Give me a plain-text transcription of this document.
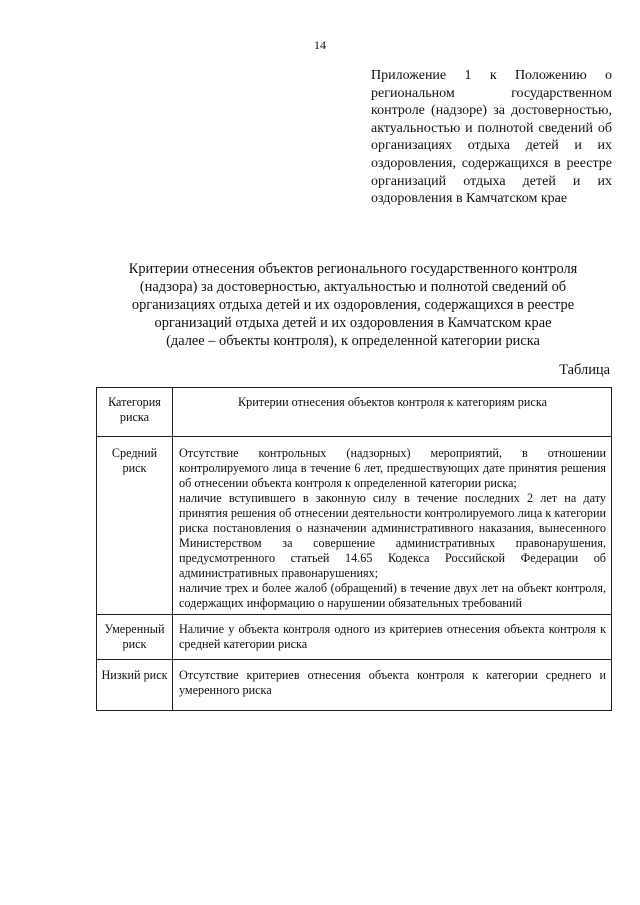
14
Приложение 1 к Положению о региональном государственном контроле (надзоре) за достоверностью, актуальностью и полнотой сведений об организациях отдыха детей и их оздоровления, содержащихся в реестре организаций отдыха детей и их оздоровления в Камчатском крае
Критерии отнесения объектов регионального государственного контроля
(надзора) за достоверностью, актуальностью и полнотой сведений об
организациях отдыха детей и их оздоровления, содержащихся в реестре
организаций отдыха детей и их оздоровления в Камчатском крае
(далее – объекты контроля), к определенной категории риска
Таблица
Категория риска	Критерии отнесения объектов контроля к категориям риска
Средний риск	Отсутствие контрольных (надзорных) мероприятий, в отношении контролируемого лица в течение 6 лет, предшествующих дате принятия решения об отнесении объекта контроля к определенной категории риска;
наличие вступившего в законную силу в течение последних 2 лет на дату принятия решения об отнесении деятельности контролируемого лица к категории риска постановления о назначении административного наказания, вынесенного Министерством за совершение административных правонарушения, предусмотренного статьей 14.65 Кодекса Российской Федерации об административных правонарушениях;
наличие трех и более жалоб (обращений) в течение двух лет на объект контроля, содержащих информацию о нарушении обязательных требований

Умеренный риск	Наличие у объекта контроля одного из критериев отнесения объекта контроля к средней категории риска

Низкий риск	Отсутствие критериев отнесения объекта контроля к категории среднего и умеренного риска
